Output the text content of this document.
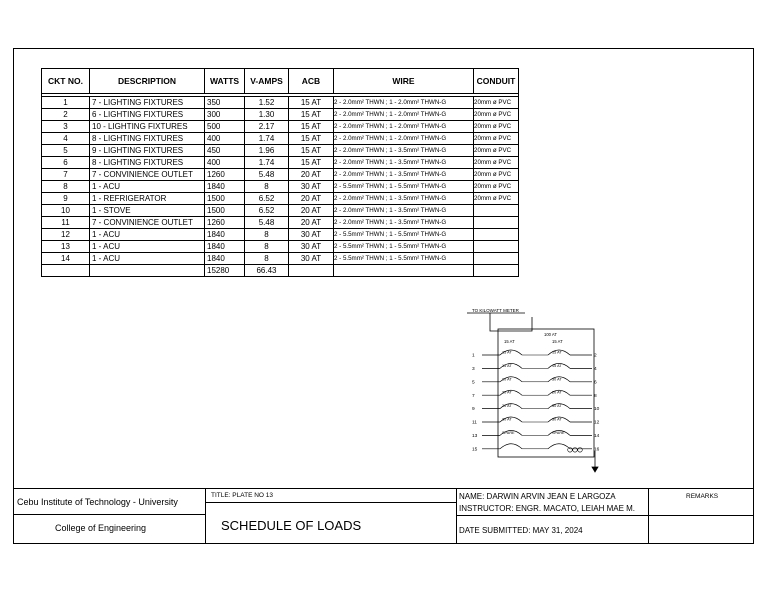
CKT NO.	DESCRIPTION	WATTS	V-AMPS	ACB	WIRE	CONDUIT

1	7 - LIGHTING FIXTURES	350	1.52	15 AT	2 - 2.0mm² THWN ; 1 - 2.0mm² THWN-G	20mm ø PVC
2	6 - LIGHTING FIXTURES	300	1.30	15 AT	2 - 2.0mm² THWN ; 1 - 2.0mm² THWN-G	20mm ø PVC
3	10 - LIGHTING FIXTURES	500	2.17	15 AT	2 - 2.0mm² THWN ; 1 - 2.0mm² THWN-G	20mm ø PVC
4	8 - LIGHTING FIXTURES	400	1.74	15 AT	2 - 2.0mm² THWN ; 1 - 2.0mm² THWN-G	20mm ø PVC
5	9 - LIGHTING FIXTURES	450	1.96	15 AT	2 - 2.0mm² THWN ; 1 - 3.5mm² THWN-G	20mm ø PVC
6	8 - LIGHTING FIXTURES	400	1.74	15 AT	2 - 2.0mm² THWN ; 1 - 3.5mm² THWN-G	20mm ø PVC
7	7 - CONVINIENCE OUTLET	1260	5.48	20 AT	2 - 2.0mm² THWN ; 1 - 3.5mm² THWN-G	20mm ø PVC
8	1 - ACU	1840	8	30 AT	2 - 5.5mm² THWN ; 1 - 5.5mm² THWN-G	20mm ø PVC
9	1 - REFRIGERATOR	1500	6.52	20 AT	2 - 2.0mm² THWN ; 1 - 3.5mm² THWN-G	20mm ø PVC
10	1 - STOVE	1500	6.52	20 AT	2 - 2.0mm² THWN ; 1 - 3.5mm² THWN-G	
11	7 - CONVINIENCE OUTLET	1260	5.48	20 AT	2 - 2.0mm² THWN ; 1 - 3.5mm² THWN-G	
12	1 - ACU	1840	8	30 AT	2 - 5.5mm² THWN ; 1 - 5.5mm² THWN-G	
13	1 - ACU	1840	8	30 AT	2 - 5.5mm² THWN ; 1 - 5.5mm² THWN-G	
14	1 - ACU	1840	8	30 AT	2 - 5.5mm² THWN ; 1 - 5.5mm² THWN-G	
		15280	66.43			
TO KILOWATT METER
100 AT
15 AT	15 AT
1	2
15 AT	15 AT
3	4
15 AT	15 AT
5	6
20 AT	30 AT
7	8
20 AT	20 AT
9	10
20 AT	30 AT
11	12
30 AT	30 AT
13	14
SPARE	SPARE
15	16
Cebu Institute of Technology - University
College of Engineering
TITLE: PLATE NO 13
SCHEDULE OF LOADS
NAME: DARWIN ARVIN JEAN E LARGOZA
INSTRUCTOR: ENGR. MACATO, LEIAH MAE M.
DATE SUBMITTED: MAY 31, 2024
REMARKS
